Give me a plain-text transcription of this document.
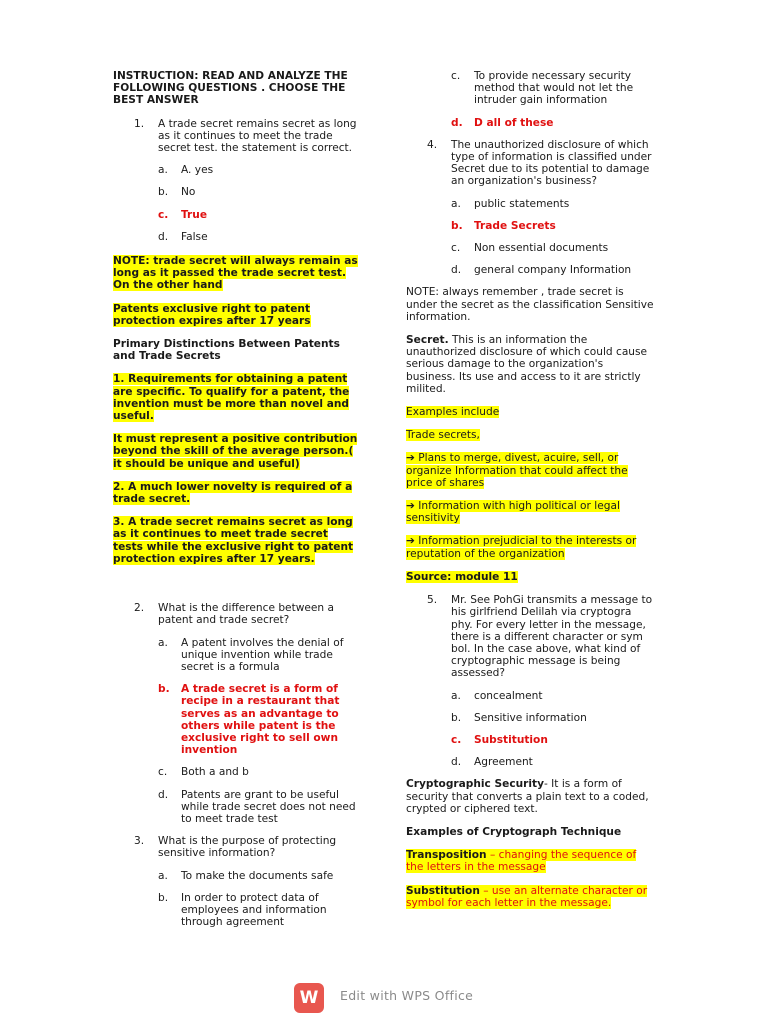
INSTRUCTION: READ AND ANALYZE THE FOLLOWING QUESTIONS . CHOOSE THE BEST ANSWER

1. A trade secret remains secret as long as it continues to meet the trade secret test. the statement is correct.

a. A. yes

b. No

c. True

d. False

NOTE: trade secret will always remain as long as it passed the trade secret test. On the other hand

Patents exclusive right to patent protection expires after 17 years

Primary Distinctions Between Patents and Trade Secrets

1. Requirements for obtaining a patent are specific. To qualify for a patent, the invention must be more than novel and useful.

It must represent a positive contribution beyond the skill of the average person.( it should be unique and useful)

2. A much lower novelty is required of a trade secret.

3. A trade secret remains secret as long as it continues to meet trade secret tests while the exclusive right to patent protection expires after 17 years.

2. What is the difference between a patent and trade secret?

a. A patent involves the denial of unique invention while trade secret is a formula

b. A trade secret is a form of recipe in a restaurant that serves as an advantage to others while patent is the exclusive right to sell own invention

c. Both a and b

d. Patents are grant to be useful while trade secret does not need to meet trade test

3. What is the purpose of protecting sensitive information?

a. To make the documents safe

b. In order to protect data of employees and information through agreement

c. To provide necessary security method that would not let the intruder gain information

d. D all of these

4. The unauthorized disclosure of which type of information is classified under Secret due to its potential to damage an organization's business?

a. public statements

b. Trade Secrets

c. Non essential documents

d. general company Information

NOTE: always remember , trade secret is under the secret as the classification Sensitive information.

Secret. This is an information the unauthorized disclosure of which could cause serious damage to the organization's business. Its use and access to it are strictly milited.

Examples include

Trade secrets,

➔ Plans to merge, divest, acuire, sell, or organize Information that could affect the price of shares

➔ Information with high political or legal sensitivity

➔ Information prejudicial to the interests or reputation of the organization

Source: module 11

5. Mr. See PohGi transmits a message to his girlfriend Delilah via cryptogra phy. For every letter in the message, there is a different character or sym bol. In the case above, what kind of cryptographic message is being assessed?

a. concealment

b. Sensitive information

c. Substitution

d. Agreement

Cryptographic Security- It is a form of security that converts a plain text to a coded, crypted or ciphered text.

Examples of Cryptograph Technique

Transposition – changing the sequence of the letters in the message

Substitution – use an alternate character or symbol for each letter in the message.

W	Edit with WPS Office
